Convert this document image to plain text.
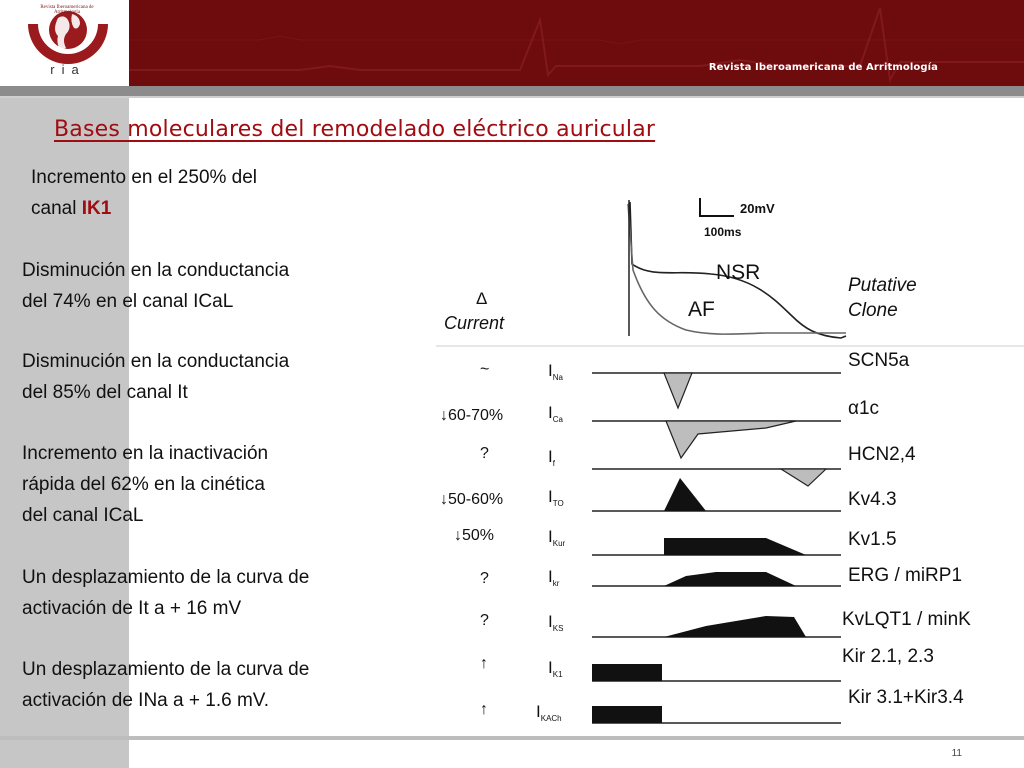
Revista Iberoamericana de Arritmología
ria	Revista Iberoamericana de Arritmología
Bases moleculares del remodelado eléctrico auricular
Incremento en el 250% del
canal IK1
Disminución en la conductancia
del 74% en el canal ICaL
Disminución en la conductancia
del 85% del canal It
Incremento en la inactivación
rápida del 62% en la cinética
del canal ICaL
Un desplazamiento de la curva de
activación de It a + 16 mV
Un desplazamiento de la curva de
activación de INa a + 1.6 mV.
20mV
100ms
NSR
AF
Putative
Clone
Δ
Current
~
↓60-70%
?
↓50-60%
↓50%
?
?
↑
↑
$I_{Na}$
$I_{Ca}$
$I_f$
$I_{TO}$
$I_{Kur}$
$I_{kr}$
$I_{KS}$
$I_{K1}$
$I_{KACh}$
SCN5a
α1c
HCN2,4
Kv4.3
Kv1.5
ERG / miRP1
KvLQT1 / minK
Kir 2.1, 2.3
Kir 3.1+Kir3.4
11
